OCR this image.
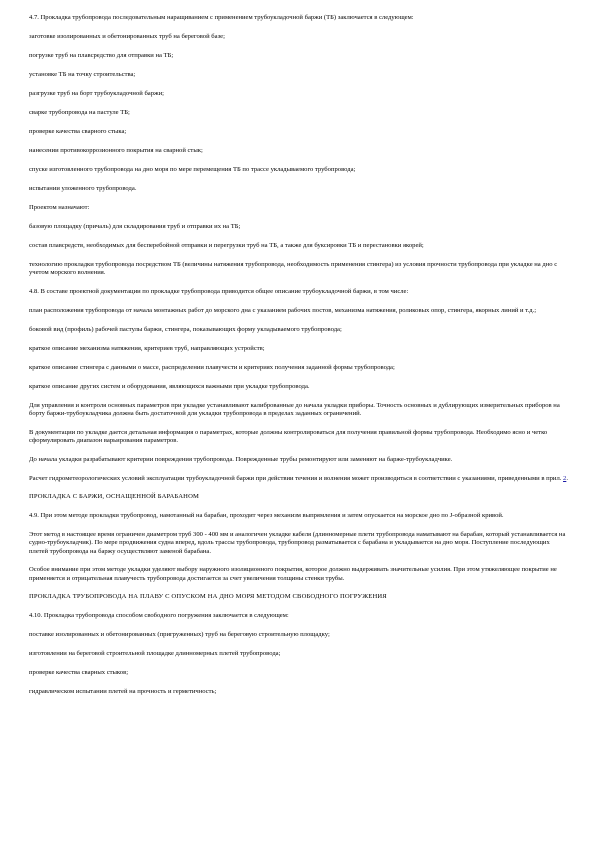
4.7. Прокладка трубопровода последовательным наращиванием с применением трубоукладочной баржи (ТБ) заключается в следующем:
заготовке изолированных и обетонированных труб на береговой базе;
погрузке труб на плавсредство для отправки на ТБ;
установке ТБ на точку строительства;
разгрузке труб на борт трубоукладочной баржи;
сварке трубопровода на пастуле ТБ;
проверке качества сварного стыка;
нанесении противокоррозионного покрытия на сварной стык;
спуске изготовленного трубопровода на дно моря по мере перемещения ТБ по трассе укладываемого трубопровода;
испытании уложенного трубопровода.
Проектом назначают:
базовую площадку (причаль) для складирования труб и отправки их на ТБ;
состав плавсредств, необходимых для бесперебойной отправки и перегрузки труб на ТБ, а также для буксировки ТБ и перестановки якорей;
технологию прокладки трубопровода посредством ТБ (величины натяжения трубопровода, необходимость применения стингера) из условия прочности трубопровода при укладке на дно с учетом морского волнения.
4.8. В составе проектной документации по прокладке трубопровода приводится общее описание трубоукладочной баржи, в том числе:
план расположения трубопровода от начала монтажных работ до морского дна с указанием рабочих постов, механизма натяжения, роликовых опор, стингера, якорных линий и т.д.;
боковой вид (профиль) рабочей пастулы баржи, стингера, показывающих форму укладываемого трубопровода;
краткое описание механизма натяжения, критериев труб, направляющих устройств;
краткое описание стингера с данными о массе, распределении плавучести и критериях получения заданной формы трубопровода;
краткое описание других систем и оборудования, являющихся важными при укладке трубопровода.
Для управления и контроля основных параметров при укладке устанавливают калиброванные до начала укладки приборы. Точность основных и дублирующих измерительных приборов на борту баржи-трубоукладчика должна быть достаточной для укладки трубопровода в пределах заданных ограничений.
В документации по укладке дается детальная информация о параметрах, которые должны контролироваться для получения правильной формы трубопровода. Необходимо ясно и четко сформулировать диапазон варьирования параметров.
До начала укладки разрабатывают критерии повреждения трубопровода. Поврежденные трубы ремонтируют или заменяют на барже-трубоукладчике.
Расчет гидрометеорологических условий эксплуатации трубоукладочной баржи при действии течения и волнения может производиться в соответствии с указаниями, приведенными в прил. 2.
ПРОКЛАДКА С БАРЖИ, ОСНАЩЕННОЙ БАРАБАНОМ
4.9. При этом методе прокладки трубопровод, намотанный на барабан, проходит через механизм выпрямления и затем опускается на морское дно по J-образной кривой.
Этот метод в настоящее время ограничен диаметром труб 300 - 400 мм и аналогичен укладке кабеля (длинномерные плети трубопровода наматывают на барабан, который устанавливается на судно-трубоукладчик). По мере продвижения судна вперед, вдоль трассы трубопровода, трубопровод разматывается с барабана и укладывается на дно моря. Поступление последующих плетей трубопровода на баржу осуществляют заменой барабана.
Особое внимание при этом методе укладки уделяют выбору наружного изоляционного покрытия, которое должно выдерживать значительные усилия. При этом утяжеляющее покрытие не применяется и отрицательная плавучесть трубопровода достигается за счет увеличения толщины стенки трубы.
ПРОКЛАДКА ТРУБОПРОВОДА НА ПЛАВУ С ОПУСКОМ НА ДНО МОРЯ МЕТОДОМ СВОБОДНОГО ПОГРУЖЕНИЯ
4.10. Прокладка трубопровода способом свободного погружения заключается в следующем:
поставке изолированных и обетонированных (пригруженных) труб на береговую строительную площадку;
изготовлении на береговой строительной площадке длинномерных плетей трубопровода;
проверке качества сварных стыков;
гидравлическом испытании плетей на прочность и герметичность;
